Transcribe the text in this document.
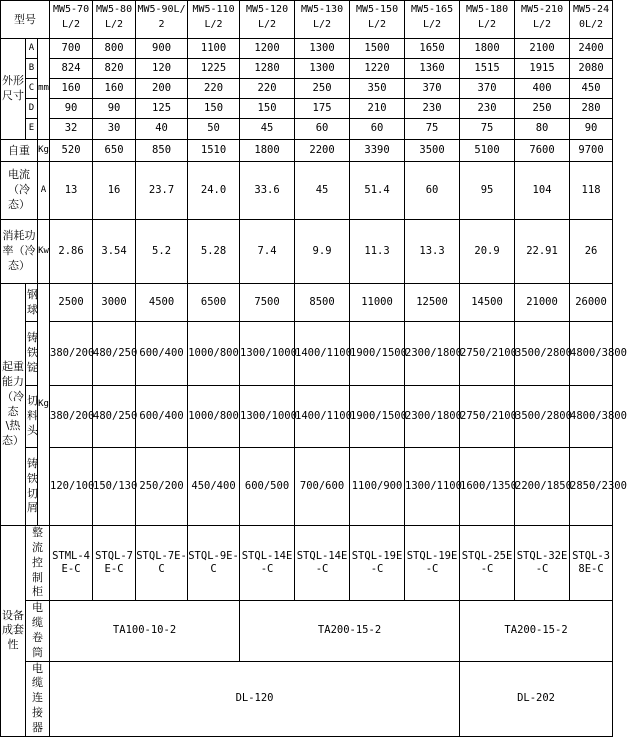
型号			MW5-70L/2	MW5-80L/2	MW5-90L/2	MW5-110L/2	MW5-120L/2	MW5-130L/2	MW5-150L/2	MW5-165L/2	MW5-180L/2	MW5-210L/2	MW5-240L/2
外形尺寸	A	mm	700	800	900	1100	1200	1300	1500	1650	1800	2100	2400
	B		824	820	120	1225	1280	1300	1220	1360	1515	1915	2080
	C		160	160	200	220	220	250	350	370	370	400	450
	D		90	90	125	150	150	175	210	230	230	250	280
	E		32	30	40	50	45	60	60	75	75	80	90
自重		Kg	520	650	850	1510	1800	2200	3390	3500	5100	7600	9700
电流（冷态）		A	13	16	23.7	24.0	33.6	45	51.4	60	95	104	118
消耗功率（冷态）		Kw	2.86	3.54	5.2	5.28	7.4	9.9	11.3	13.3	20.9	22.91	26
起重能力（冷态\热态）	钢球	Kg	2500	3000	4500	6500	7500	8500	11000	12500	14500	21000	26000
	铸铁锭		380/200	480/250	600/400	1000/800	1300/1000	1400/1100	1900/1500	2300/1800	2750/2100	3500/2800	4800/3800
	切料头		380/200	480/250	600/400	1000/800	1300/1000	1400/1100	1900/1500	2300/1800	2750/2100	3500/2800	4800/3800
	铸铁切屑		120/100	150/130	250/200	450/400	600/500	700/600	1100/900	1300/1100	1600/1350	2200/1850	2850/2300
设备成套性	整流控制柜		STML-4E-C	STQL-7E-C	STQL-7E-C	STQL-9E-C	STQL-14E-C	STQL-14E-C	STQL-19E-C	STQL-19E-C	STQL-25E-C	STQL-32E-C	STQL-38E-C
	电缆卷筒		TA100-10-2				TA200-15-2				TA200-15-2		
	电缆连接器		DL-120								DL-202		
